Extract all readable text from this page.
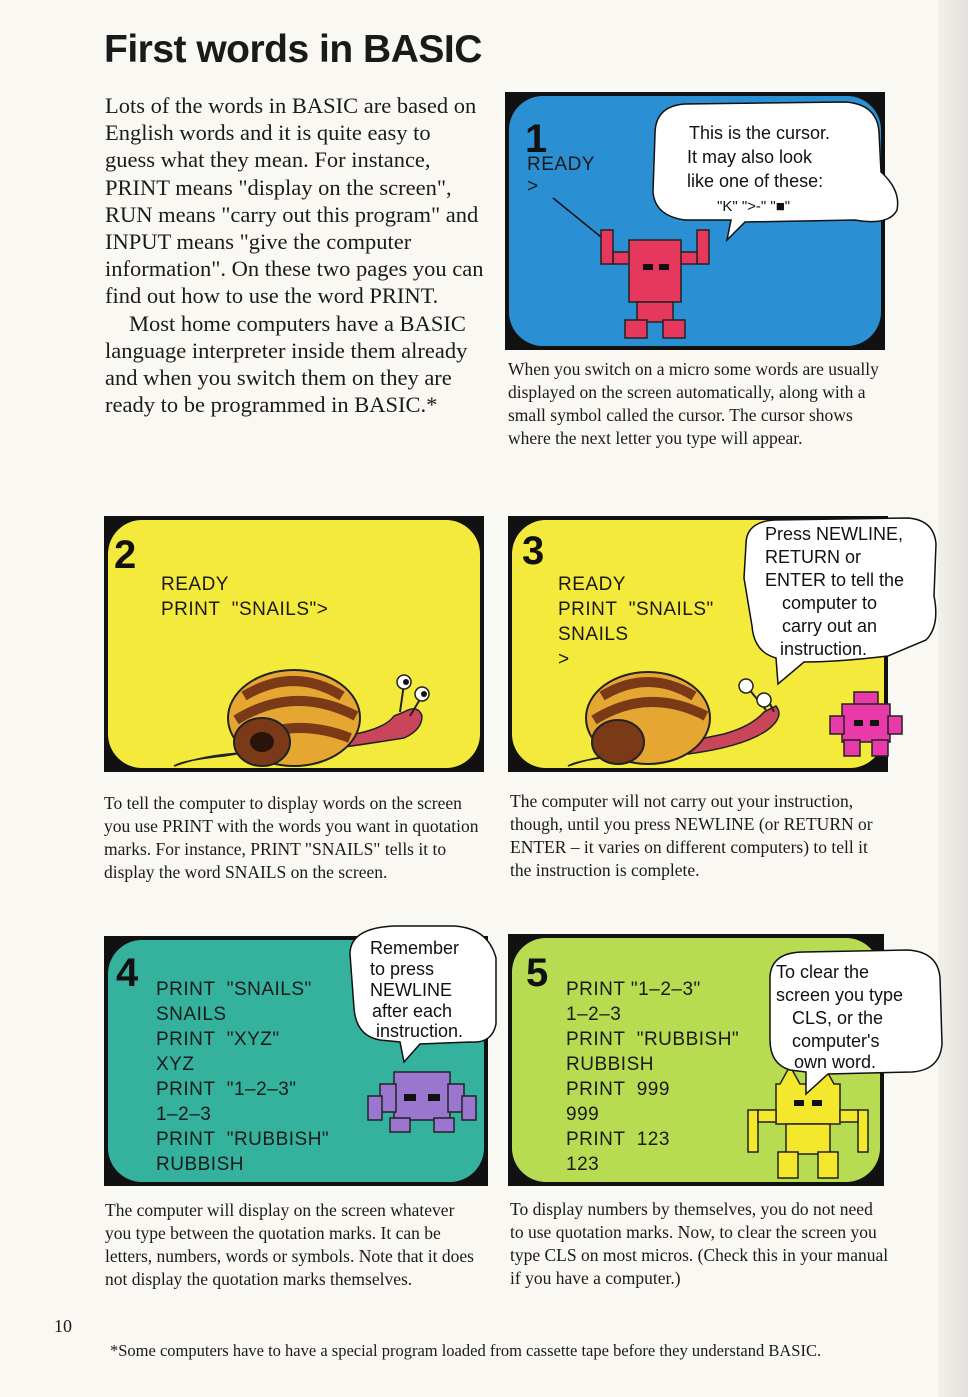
First words in BASIC

Lots of the words in BASIC are based on English words and it is quite easy to guess what they mean. For instance, PRINT means "display on the screen", RUN means "carry out this program" and INPUT means "give the computer information". On these two pages you can find out how to use the word PRINT.

Most home computers have a BASIC language interpreter inside them already and when you switch them on they are ready to be programmed in BASIC.*

1
READY
>
This is the cursor.
It may also look
like one of these:
"K" ">-" "■"
When you switch on a micro some words are usually displayed on the screen automatically, along with a small symbol called the cursor. The cursor shows where the next letter you type will appear.
2
READY
PRINT  "SNAILS">
To tell the computer to display words on the screen you use PRINT with the words you want in quotation marks. For instance, PRINT "SNAILS" tells it to display the word SNAILS on the screen.
3
READY
PRINT  "SNAILS"
SNAILS
>
Press NEWLINE,
RETURN or
ENTER to tell the
computer to
carry out an
instruction.
The computer will not carry out your instruction, though, until you press NEWLINE (or RETURN or ENTER – it varies on different computers) to tell it the instruction is complete.
4 PRINT  "SNAILS"
SNAILS
PRINT  "XYZ"
XYZ
PRINT  "1–2–3"
1–2–3
PRINT  "RUBBISH"
RUBBISH
Remember
to press
NEWLINE
after each
instruction.
The computer will display on the screen whatever you type between the quotation marks. It can be letters, numbers, words or symbols. Note that it does not display the quotation marks themselves.
5 PRINT "1–2–3"
1–2–3
PRINT  "RUBBISH"
RUBBISH
PRINT  999
999
PRINT  123
123
To clear the
screen you type
CLS, or the
computer's
own word.
To display numbers by themselves, you do not need to use quotation marks. Now, to clear the screen you type CLS on most micros. (Check this in your manual if you have a computer.)
10
*Some computers have to have a special program loaded from cassette tape before they understand BASIC.
